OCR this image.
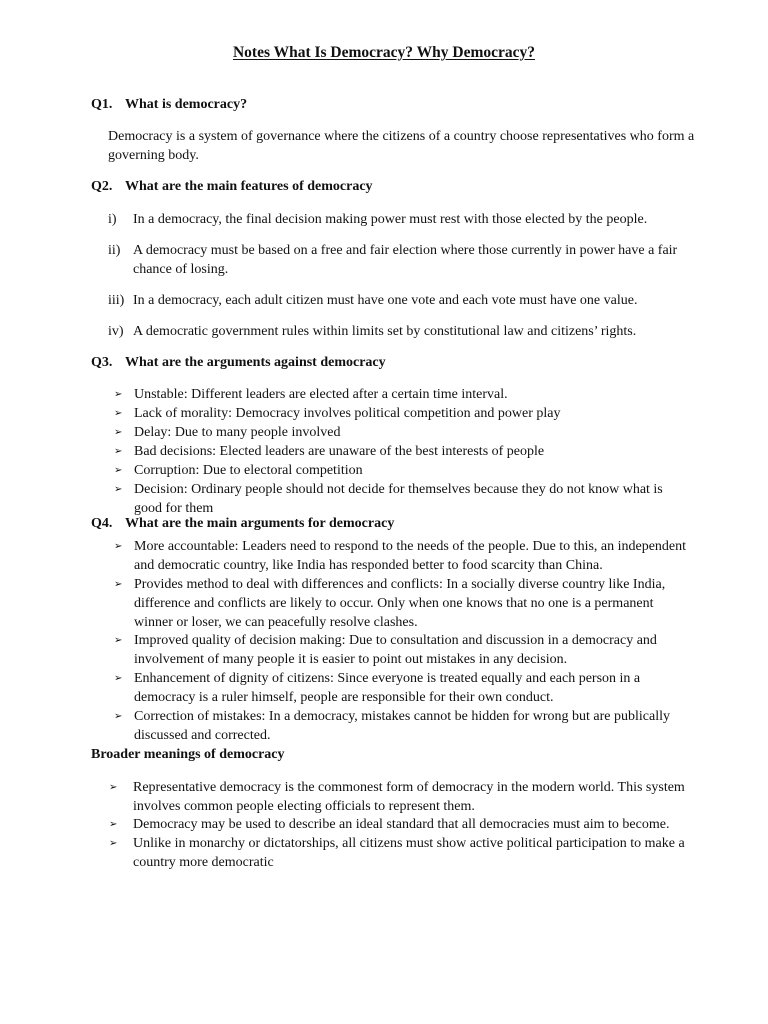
Notes What Is Democracy? Why Democracy?
Q1. What is democracy?
Democracy is a system of governance where the citizens of a country choose representatives who form a governing body.
Q2. What are the main features of democracy
i) In a democracy, the final decision making power must rest with those elected by the people.
ii) A democracy must be based on a free and fair election where those currently in power have a fair chance of losing.
iii) In a democracy, each adult citizen must have one vote and each vote must have one value.
iv) A democratic government rules within limits set by constitutional law and citizens’ rights.
Q3. What are the arguments against democracy
➢ Unstable: Different leaders are elected after a certain time interval.
➢ Lack of morality: Democracy involves political competition and power play
➢ Delay: Due to many people involved
➢ Bad decisions: Elected leaders are unaware of the best interests of people
➢ Corruption: Due to electoral competition
➢ Decision: Ordinary people should not decide for themselves because they do not know what is good for them
Q4. What are the main arguments for democracy
➢ More accountable: Leaders need to respond to the needs of the people. Due to this, an independent and democratic country, like India has responded better to food scarcity than China.
➢ Provides method to deal with differences and conflicts: In a socially diverse country like India, difference and conflicts are likely to occur. Only when one knows that no one is a permanent winner or loser, we can peacefully resolve clashes.
➢ Improved quality of decision making: Due to consultation and discussion in a democracy and involvement of many people it is easier to point out mistakes in any decision.
➢ Enhancement of dignity of citizens: Since everyone is treated equally and each person in a democracy is a ruler himself, people are responsible for their own conduct.
➢ Correction of mistakes: In a democracy, mistakes cannot be hidden for wrong but are publically discussed and corrected.
Broader meanings of democracy
➢ Representative democracy is the commonest form of democracy in the modern world. This system involves common people electing officials to represent them.
➢ Democracy may be used to describe an ideal standard that all democracies must aim to become.
➢ Unlike in monarchy or dictatorships, all citizens must show active political participation to make a country more democratic
